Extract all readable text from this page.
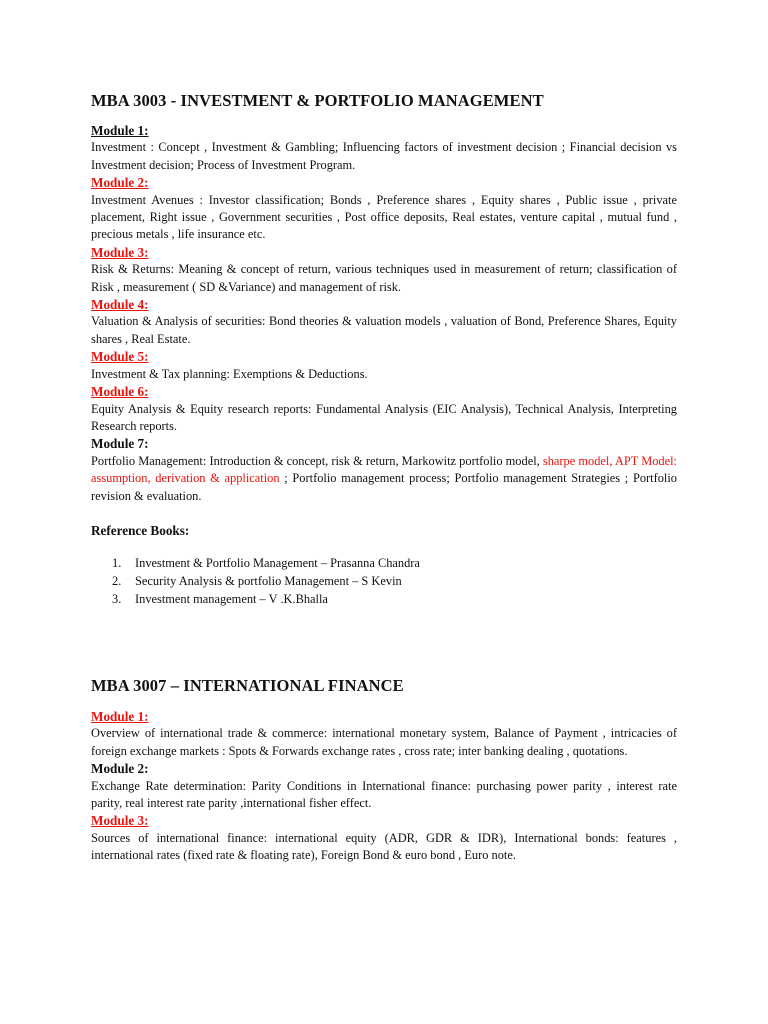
MBA 3003 - INVESTMENT & PORTFOLIO MANAGEMENT

Module 1:

Investment : Concept , Investment & Gambling; Influencing factors of investment decision ; Financial decision vs Investment decision; Process of Investment Program.

Module 2:

Investment Avenues : Investor classification; Bonds , Preference shares , Equity shares , Public issue , private placement, Right issue , Government securities , Post office deposits, Real estates, venture capital , mutual fund , precious metals , life insurance etc.

Module 3:

Risk & Returns: Meaning & concept of return, various techniques used in measurement of return; classification of Risk , measurement ( SD &Variance) and management of risk.

Module 4:

Valuation & Analysis of securities: Bond theories & valuation models , valuation of Bond, Preference Shares, Equity shares , Real Estate.

Module 5:

Investment & Tax planning: Exemptions & Deductions.

Module 6:

Equity Analysis & Equity research reports: Fundamental Analysis (EIC Analysis), Technical Analysis, Interpreting Research reports.

Module 7:

Portfolio Management: Introduction & concept, risk & return, Markowitz portfolio model, sharpe model, APT Model: assumption, derivation & application ; Portfolio management process; Portfolio management Strategies ; Portfolio revision & evaluation.

Reference Books:

1. Investment & Portfolio Management – Prasanna Chandra
2. Security Analysis & portfolio Management – S Kevin
3. Investment management – V .K.Bhalla
MBA 3007 – INTERNATIONAL FINANCE

Module 1:

Overview of international trade & commerce: international monetary system, Balance of Payment , intricacies of foreign exchange markets : Spots & Forwards exchange rates , cross rate; inter banking dealing , quotations.

Module 2:

Exchange Rate determination: Parity Conditions in International finance: purchasing power parity , interest rate parity, real interest rate parity ,international fisher effect.

Module 3:

Sources of international finance: international equity (ADR, GDR & IDR), International bonds: features , international rates (fixed rate & floating rate), Foreign Bond & euro bond , Euro note.
